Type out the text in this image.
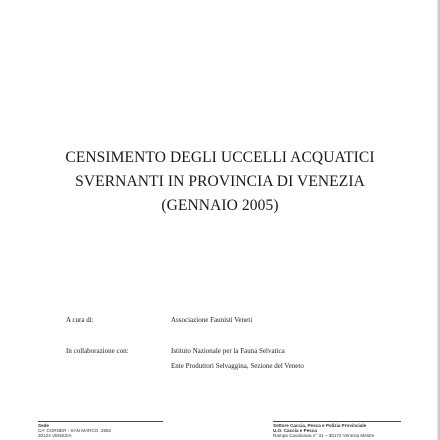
CENSIMENTO DEGLI UCCELLI ACQUATICI
SVERNANTI IN PROVINCIA DI VENEZIA
(GENNAIO 2005)
A cura di:	Associazione Faunisti Veneti
In collaborazione con:	Istituto Nazionale per la Fauna Selvatica
Ente Produttori Selvaggina, Sezione del Veneto
Sede
CA' CORNER - SAN MARCO, 2662
30124 VENEZIA
Settore Caccia, Pesca e Polizia Provinciale
U.O. Caccia e Pesca
Rampa Cavalcavia n° 31 – 30172 Venezia Mestre
